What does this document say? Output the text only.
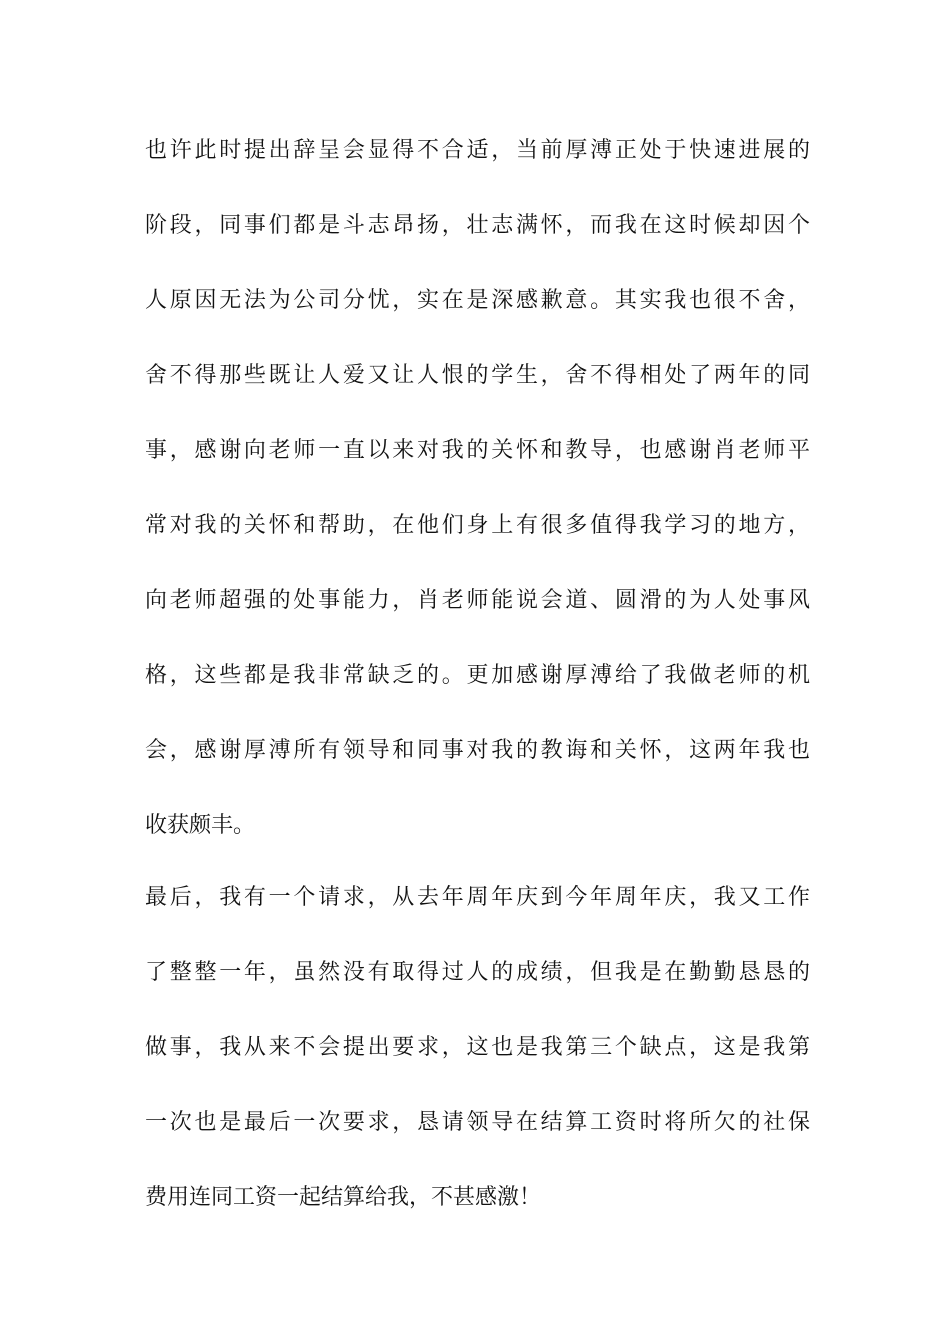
也许此时提出辞呈会显得不合适，当前厚溥正处于快速进展的
阶段，同事们都是斗志昂扬，壮志满怀，而我在这时候却因个
人原因无法为公司分忧，实在是深感歉意。其实我也很不舍，
舍不得那些既让人爱又让人恨的学生，舍不得相处了两年的同
事，感谢向老师一直以来对我的关怀和教导，也感谢肖老师平
常对我的关怀和帮助，在他们身上有很多值得我学习的地方，
向老师超强的处事能力，肖老师能说会道、圆滑的为人处事风
格，这些都是我非常缺乏的。更加感谢厚溥给了我做老师的机
会，感谢厚溥所有领导和同事对我的教诲和关怀，这两年我也
收获颇丰。
最后，我有一个请求，从去年周年庆到今年周年庆，我又工作
了整整一年，虽然没有取得过人的成绩，但我是在勤勤恳恳的
做事，我从来不会提出要求，这也是我第三个缺点，这是我第
一次也是最后一次要求，恳请领导在结算工资时将所欠的社保
费用连同工资一起结算给我，不甚感激！
